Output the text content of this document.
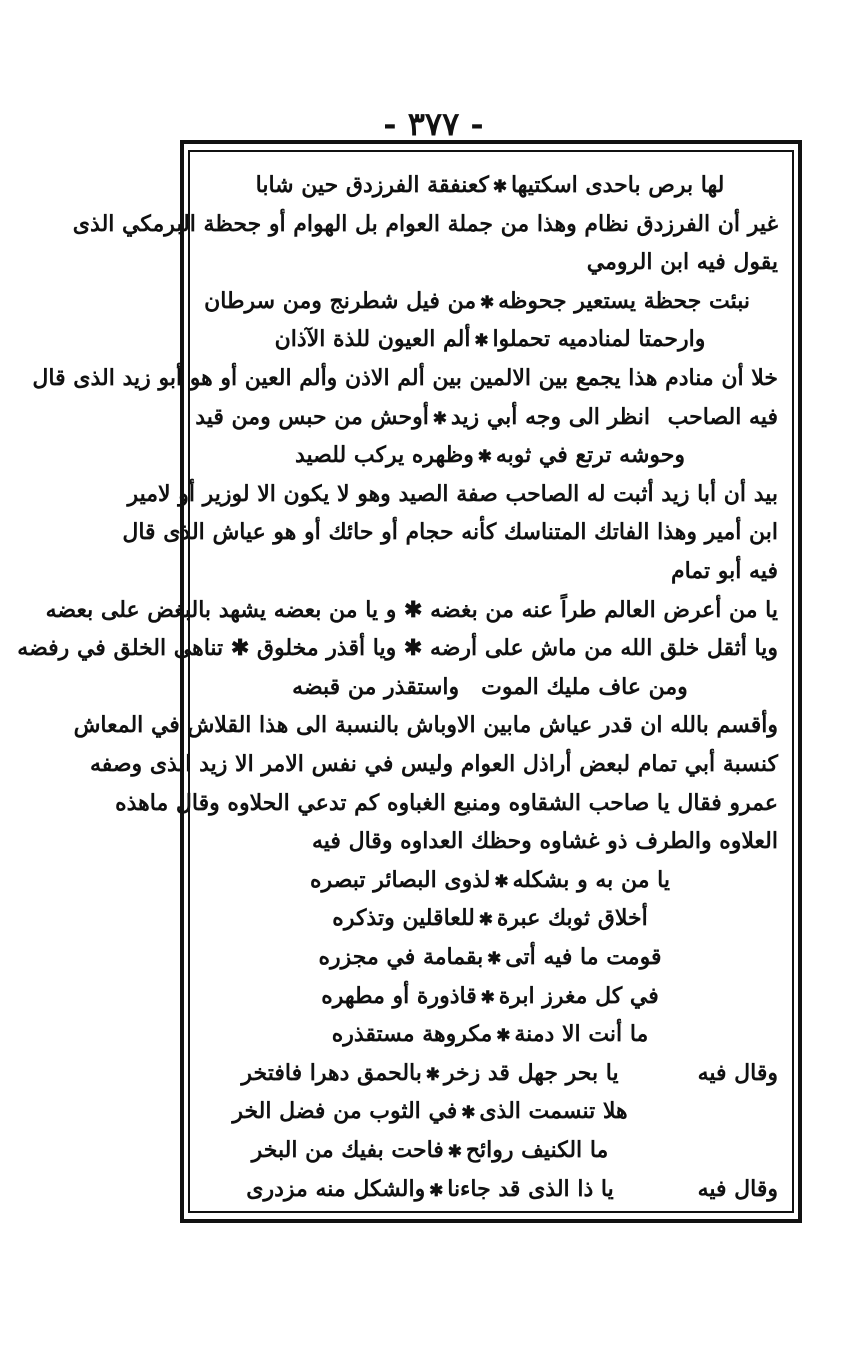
- ٣٧٧ -
لها برص باحدى اسكتيها✱كعنفقة الفرزدق حين شابا
غير أن الفرزدق نظام وهذا من جملة العوام بل الهوام أو جحظة البرمكي الذى
يقول فيه ابن الرومي
نبئت جحظة يستعير جحوظه✱من فيل شطرنج ومن سرطان
وارحمتا لمنادميه تحملوا✱ألم العيون للذة الآذان
خلا أن منادم هذا يجمع بين الالمين بين ألم الاذن وألم العين أو هو أبو زيد الذى قال
فيه الصاحب
انظر الى وجه أبي زيد✱أوحش من حبس ومن قيد
وحوشه ترتع في ثوبه✱وظهره يركب للصيد
بيد أن أبا زيد أثبت له الصاحب صفة الصيد وهو لا يكون الا لوزير أو لامير
ابن أمير وهذا الفاتك المتناسك كأنه حجام أو حائك أو هو عياش الذى قال
فيه أبو تمام
يا من أعرض العالم طراً عنه من بغضه ✱ و يا من بعضه يشهد بالبغض على بعضه
ويا أثقل خلق الله من ماش على أرضه ✱ ويا أقذر مخلوق ✱ تناهى الخلق في رفضه
ومن عاف مليك الموتواستقذر من قبضه
وأقسم بالله ان قدر عياش مابين الاوباش بالنسبة الى هذا القلاش في المعاش
كنسبة أبي تمام لبعض أراذل العوام وليس في نفس الامر الا زيد الذى وصفه
عمرو فقال يا صاحب الشقاوه ومنبع الغباوه كم تدعي الحلاوه وقال ماهذه
العلاوه والطرف ذو غشاوه وحظك العداوه وقال فيه
يا من به و بشكله✱لذوى البصائر تبصره
أخلاق ثوبك عبرة✱للعاقلين وتذكره
قومت ما فيه أتى✱بقمامة في مجزره
في كل مغرز ابرة✱قاذورة أو مطهره
ما أنت الا دمنة✱مكروهة مستقذره
وقال فيه
يا بحر جهل قد زخر✱بالحمق دهرا فافتخر
هلا تنسمت الذى✱في الثوب من فضل الخر
ما الكنيف روائح✱فاحت بفيك من البخر
وقال فيه
يا ذا الذى قد جاءنا✱والشكل منه مزدرى
